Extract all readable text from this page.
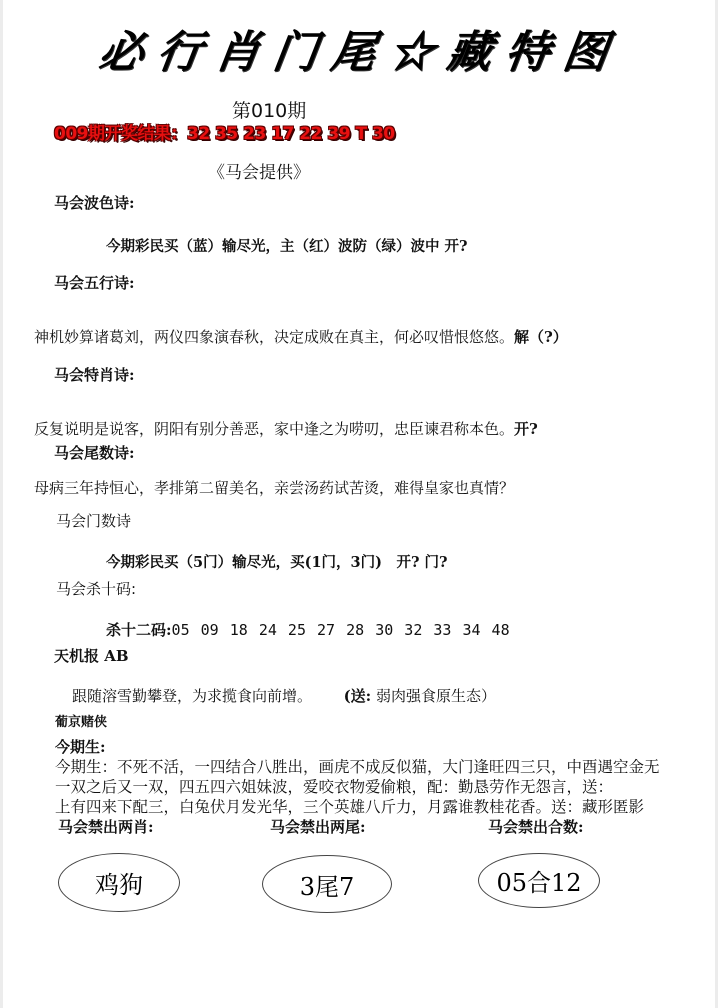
必行肖门尾☆藏特图
第010期
009期开奖结果：32 35 23 17 22 39 T 30
《马会提供》
马会波色诗:
今期彩民买（蓝）输尽光，主（红）波防（绿）波中 开?
马会五行诗:
神机妙算诸葛刘，两仪四象演春秋，决定成败在真主，何必叹惜恨悠悠。解（?）
马会特肖诗:
反复说明是说客，阴阳有别分善恶，家中逢之为唠叨，忠臣谏君称本色。开?
马会尾数诗:
母病三年持恒心，孝排第二留美名，亲尝汤药试苦烫，难得皇家也真情？
马会门数诗
今期彩民买（5门）输尽光，买(1门，3门)　开? 门?
马会杀十码:
杀十二码:05 09 18 24 25 27 28 30 32 33 34 48
天机报 AB
跟随溶雪勤攀登，为求揽食向前增。 (送: 弱肉强食原生态）
葡京赌侠
今期生:
今期生：不死不活，一四结合八胜出，画虎不成反似猫，大门逢旺四三只，中酉遇空金无
一双之后又一双，四五四六姐妹波，爱咬衣物爱偷粮，配：勤恳劳作无怨言，送：
上有四来下配三，白兔伏月发光华，三个英雄八斤力，月露谁教桂花香。送：藏形匿影
马会禁出两肖:	马会禁出两尾:	马会禁出合数:
鸡狗	3尾7	05合12
